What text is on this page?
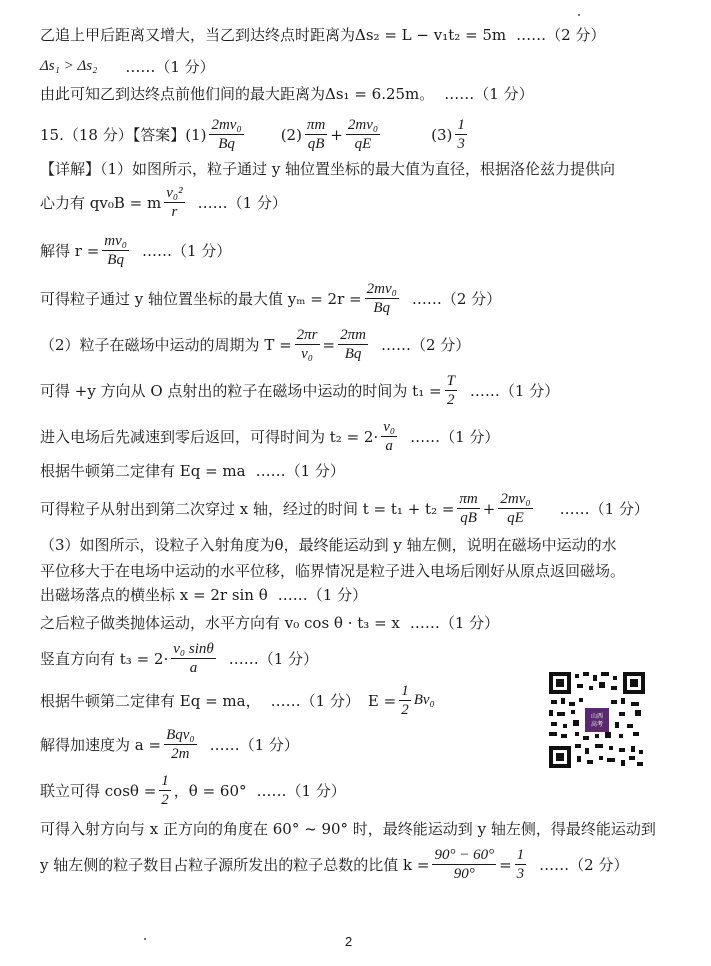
乙追上甲后距离又增大，当乙到达终点时距离为Δs₂ = L − v₁t₂ = 5m ……（2 分）
Δs₁ > Δs₂ ……（1 分）
由此可知乙到达终点前他们间的最大距离为Δs₁ = 6.25m。 ……（1 分）
15.（18 分）【答案】$(1) \frac{\text{2mv₀}}{Bq} (2) \frac{\pi m}{qB} + \frac{\text{2mv₀}}{qE}$	$(3) \frac{1}{3}$
【详解】（1）如图所示，粒子通过 y 轴位置坐标的最大值为直径，根据洛伦兹力提供向
心力有 qv₀B = m $\frac{\text{v₀²}}{r}$ ……（1 分）
解得 $r = \frac{\text{mv₀}}{Bq}$ ……（1 分）
可得粒子通过 y 轴位置坐标的最大值 $y_m = 2r = \frac{\text{2mv₀}}{Bq}$ ……（2 分）
（2）粒子在磁场中运动的周期为 $T = \frac{2\pi r}{\text{v₀}} = \frac{2\pi m}{Bq}$ ……（2 分）
可得 +y 方向从 O 点射出的粒子在磁场中运动的时间为 $t_1 = \frac{T}{2}$ ……（1 分）
进入电场后先减速到零后返回，可得时间为 $t_2 = 2\cdot \frac{\text{v₀}}{a}$ ……（1 分）
根据牛顿第二定律有 Eq = ma ……（1 分）
可得粒子从射出到第二次穿过 x 轴，经过的时间 $t = t_1 + t_2 = \frac{\pi m}{qB} + \frac{\text{2mv₀}}{qE}$ ……（1 分）
（3）如图所示，设粒子入射角度为θ，最终能运动到 y 轴左侧，说明在磁场中运动的水
平位移大于在电场中运动的水平位移，临界情况是粒子进入电场后刚好从原点返回磁场。
出磁场落点的横坐标 x = 2r sin θ ……（1 分）
之后粒子做类抛体运动，水平方向有 v₀ cos θ · t₃ = x ……（1 分）
竖直方向有 $t_3 = 2\cdot \frac{\text{v₀ sinθ}}{a}$ ……（1 分）
根据牛顿第二定律有 Eq = ma， ……（1 分） $E = \frac{1}{2} Bv_0$
解得加速度为 $a = \frac{\text{Bqv₀}}{2m}$ ……（1 分）
联立可得 $\cos\theta = \frac{1}{2}$ ，θ = 60° ……（1 分）
可得入射方向与 x 正方向的角度在 60° ~ 90° 时，最终能运动到 y 轴左侧，得最终能运动到
y 轴左侧的粒子数目占粒子源所发出的粒子总数的比值 $k = \frac{90^\circ - 60^\circ}{90^\circ} = \frac{1}{3}$ ……（2 分）
山西
高考
2
